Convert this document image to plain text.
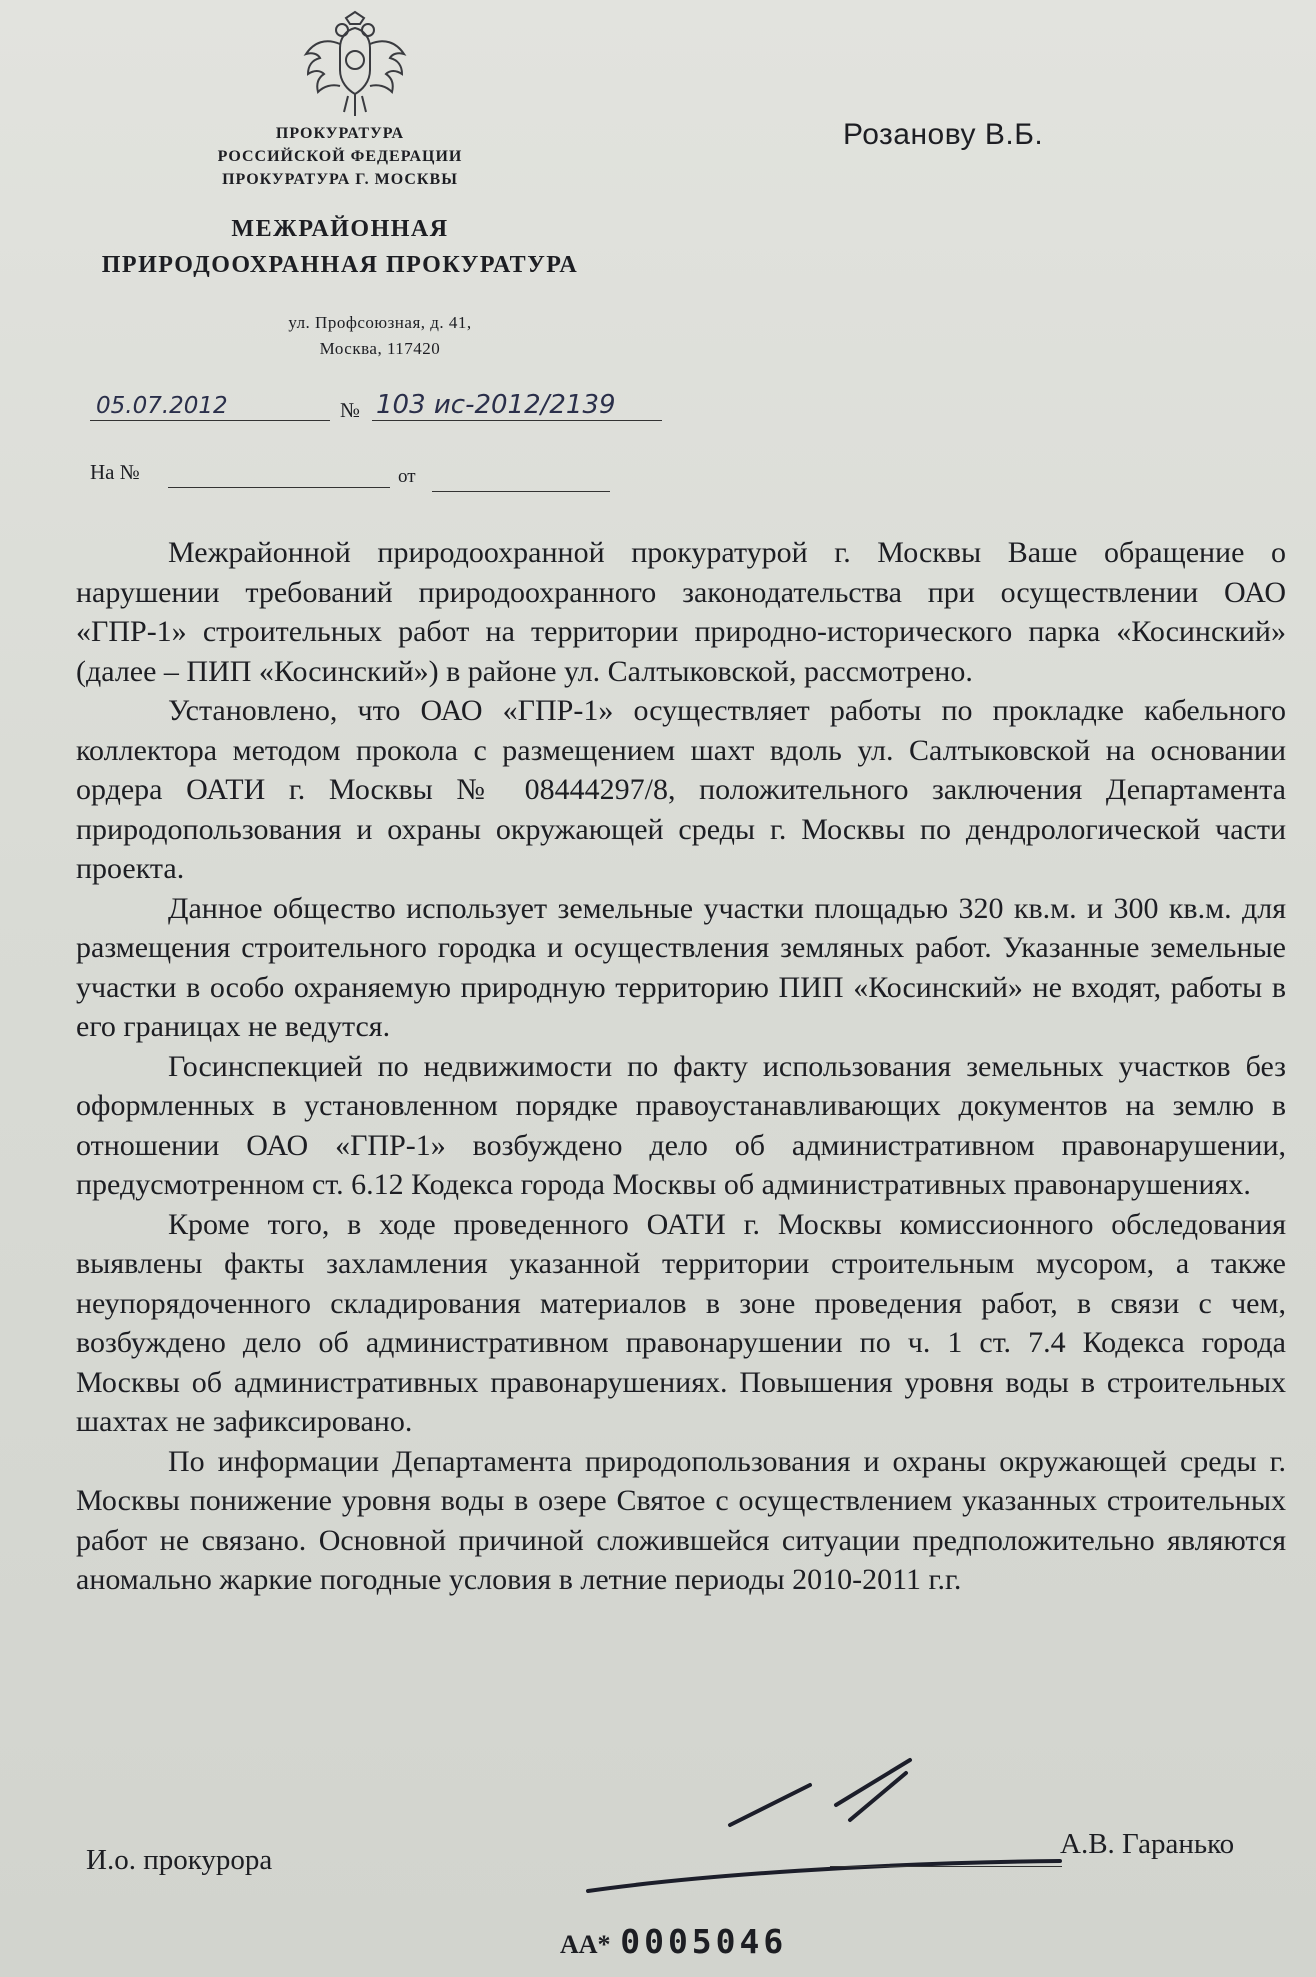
ПРОКУРАТУРА
РОССИЙСКОЙ ФЕДЕРАЦИИ
ПРОКУРАТУРА Г. МОСКВЫ
МЕЖРАЙОННАЯ
ПРИРОДООХРАННАЯ ПРОКУРАТУРА
ул. Профсоюзная, д. 41,
Москва, 117420
Розанову В.Б.
05.07.2012	№ 103 ис-2012/2139
На №	от

Межрайонной природоохранной прокуратурой г. Москвы Ваше обращение о нарушении требований природоохранного законодательства при осуществлении ОАО «ГПР-1» строительных работ на территории природно-исторического парка «Косинский» (далее – ПИП «Косинский») в районе ул. Салтыковской, рассмотрено.

Установлено, что ОАО «ГПР-1» осуществляет работы по прокладке кабельного коллектора методом прокола с размещением шахт вдоль ул. Салтыковской на основании ордера ОАТИ г. Москвы № 08444297/8, положительного заключения Департамента природопользования и охраны окружающей среды г. Москвы по дендрологической части проекта.

Данное общество использует земельные участки площадью 320 кв.м. и 300 кв.м. для размещения строительного городка и осуществления земляных работ. Указанные земельные участки в особо охраняемую природную территорию ПИП «Косинский» не входят, работы в его границах не ведутся.

Госинспекцией по недвижимости по факту использования земельных участков без оформленных в установленном порядке правоустанавливающих документов на землю в отношении ОАО «ГПР-1» возбуждено дело об административном правонарушении, предусмотренном ст. 6.12 Кодекса города Москвы об административных правонарушениях.

Кроме того, в ходе проведенного ОАТИ г. Москвы комиссионного обследования выявлены факты захламления указанной территории строительным мусором, а также неупорядоченного складирования материалов в зоне проведения работ, в связи с чем, возбуждено дело об административном правонарушении по ч. 1 ст. 7.4 Кодекса города Москвы об административных правонарушениях. Повышения уровня воды в строительных шахтах не зафиксировано.

По информации Департамента природопользования и охраны окружающей среды г. Москвы понижение уровня воды в озере Святое с осуществлением указанных строительных работ не связано. Основной причиной сложившейся ситуации предположительно являются аномально жаркие погодные условия в летние периоды 2010-2011 г.г.

И.о. прокурора	А.В. Гаранько
АА* 0005046
